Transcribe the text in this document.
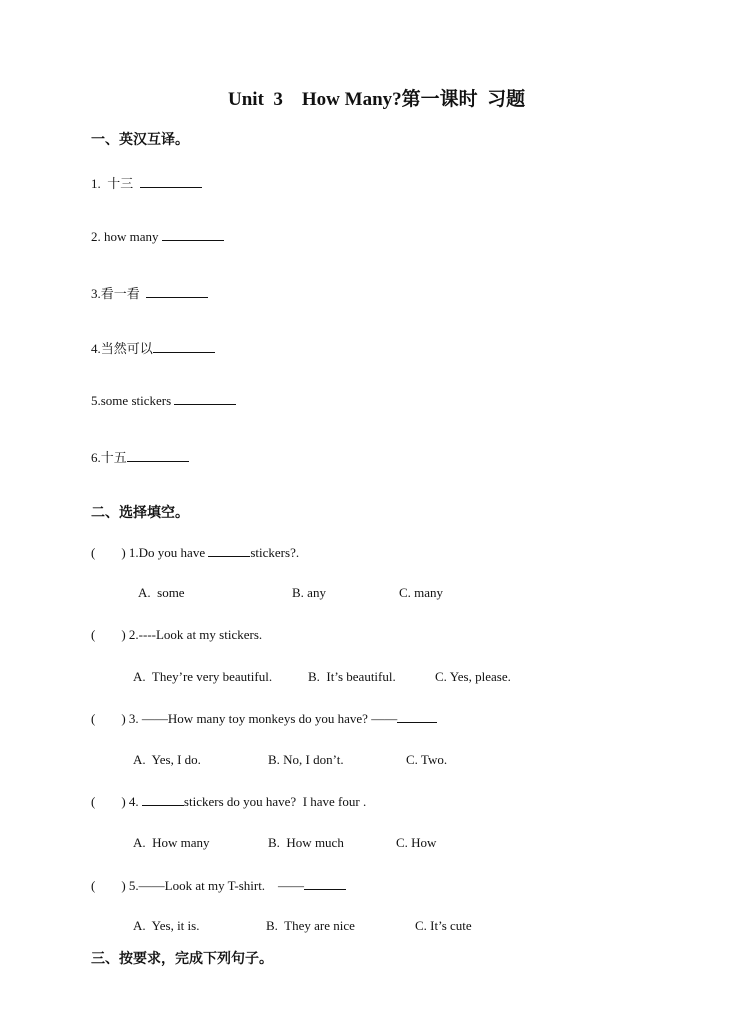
Unit  3    How Many?第一课时  习题
一、英汉互译。
1.  十三
2. how many
3.看一看
4.当然可以
5.some stickers
6.十五
二、选择填空。
(        ) 1.Do you have	stickers?.
A.  some	B. any	C. many
(        ) 2.----Look at my stickers.
A.  They’re very beautiful.	B.  It’s beautiful.	C. Yes, please.
(        ) 3. ——How many toy monkeys do you have? ——
A.  Yes, I do.	B. No, I don’t.	C. Two.
(        ) 4.	stickers do you have?  I have four .
A.  How many	B.  How much	C. How
(        ) 5.——Look at my T-shirt.    ——
A.  Yes, it is.	B.  They are nice	C. It’s cute
三、按要求，完成下列句子。
